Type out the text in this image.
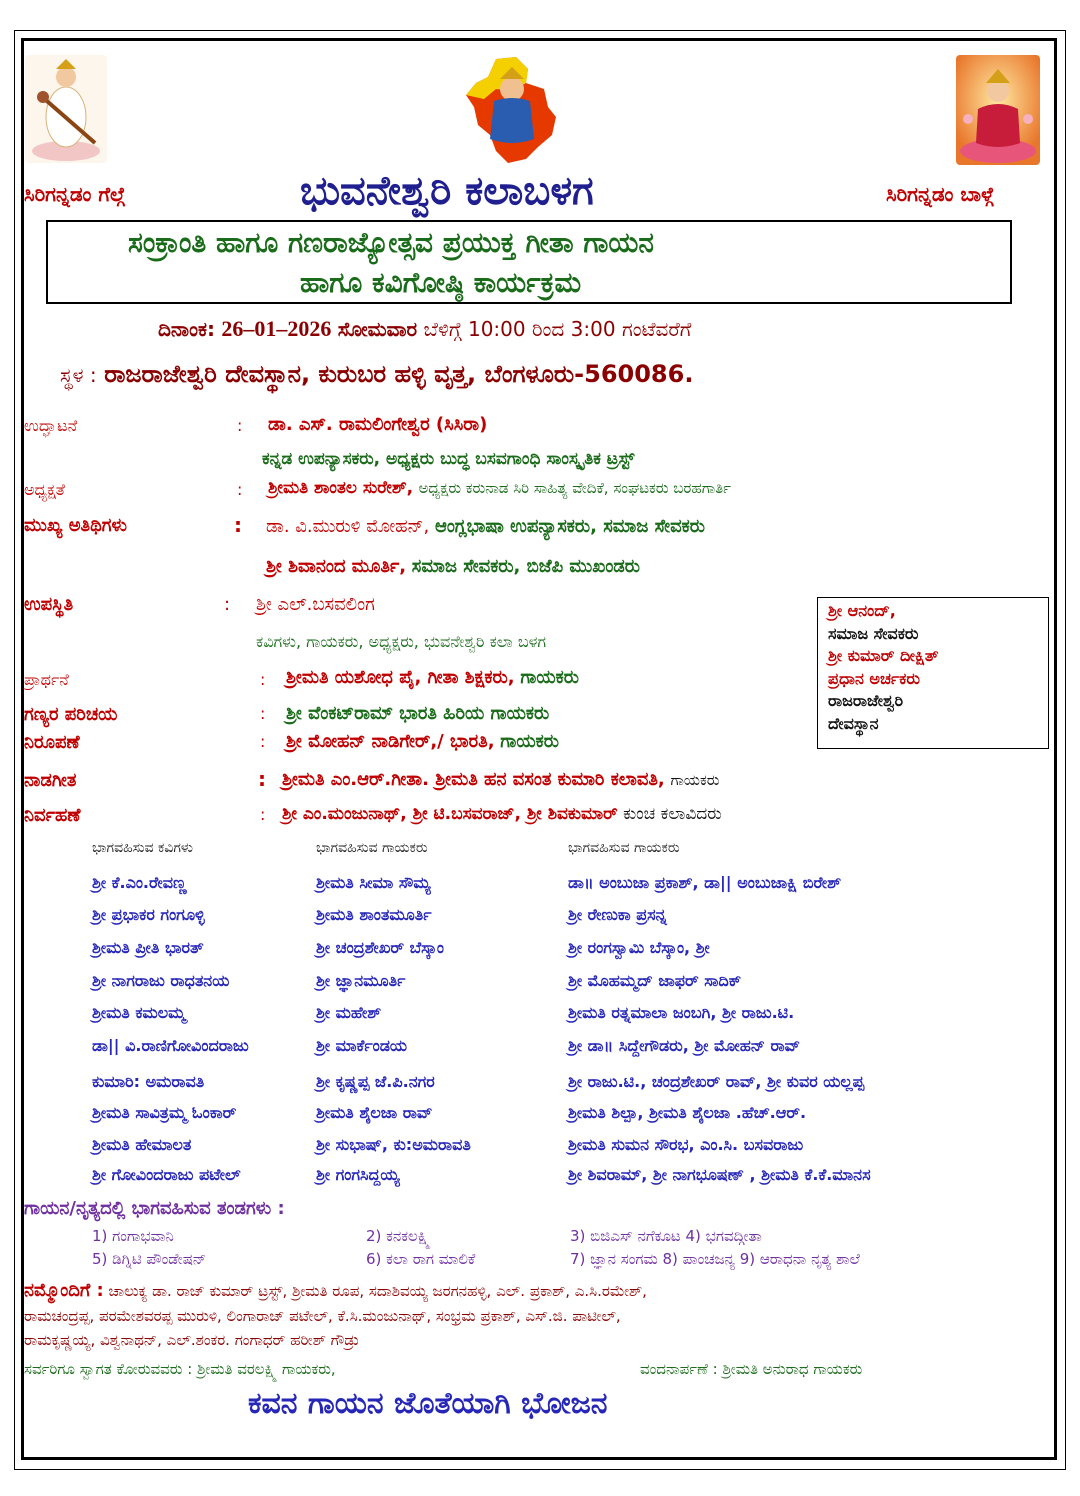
ಸಿರಿಗನ್ನಡಂ ಗೆಲ್ಗೆ	ಭುವನೇಶ್ವರಿ ಕಲಾಬಳಗ	ಸಿರಿಗನ್ನಡಂ ಬಾಳ್ಗೆ
ಸಂಕ್ರಾಂತಿ ಹಾಗೂ ಗಣರಾಜ್ಯೋತ್ಸವ ಪ್ರಯುಕ್ತ ಗೀತಾ ಗಾಯನ
ಹಾಗೂ ಕವಿಗೋಷ್ಠಿ ಕಾರ್ಯಕ್ರಮ
ದಿನಾಂಕ: 26–01–2026 ಸೋಮವಾರ ಬೆಳಿಗ್ಗೆ 10:00 ರಿಂದ 3:00 ಗಂಟೆವರೆಗೆ
ಸ್ಥಳ : ರಾಜರಾಜೇಶ್ವರಿ ದೇವಸ್ಥಾನ, ಕುರುಬರ ಹಳ್ಳಿ ವೃತ್ತ, ಬೆಂಗಳೂರು-560086.
ಉದ್ಘಾಟನೆ	: ಡಾ. ಎಸ್. ರಾಮಲಿಂಗೇಶ್ವರ (ಸಿಸಿರಾ)
ಕನ್ನಡ ಉಪನ್ಯಾಸಕರು, ಅಧ್ಯಕ್ಷರು ಬುದ್ಧ ಬಸವಗಾಂಧಿ ಸಾಂಸ್ಕೃತಿಕ ಟ್ರಸ್ಟ್
ಅಧ್ಯಕ್ಷತೆ	: ಶ್ರೀಮತಿ ಶಾಂತಲ ಸುರೇಶ್, ಅಧ್ಯಕ್ಷರು ಕರುನಾಡ ಸಿರಿ ಸಾಹಿತ್ಯ ವೇದಿಕೆ, ಸಂಘಟಕರು ಬರಹಗಾರ್ತಿ
ಮುಖ್ಯ ಅತಿಥಿಗಳು	: ಡಾ. ವಿ.ಮುರುಳಿ ಮೋಹನ್, ಆಂಗ್ಲಭಾಷಾ ಉಪನ್ಯಾಸಕರು, ಸಮಾಜ ಸೇವಕರು
ಶ್ರೀ ಶಿವಾನಂದ ಮೂರ್ತಿ, ಸಮಾಜ ಸೇವಕರು, ಬಿಜೆಪಿ ಮುಖಂಡರು
ಉಪಸ್ಥಿತಿ	: ಶ್ರೀ ಎಲ್.ಬಸವಲಿಂಗ
ಕವಿಗಳು, ಗಾಯಕರು, ಅಧ್ಯಕ್ಷರು, ಭುವನೇಶ್ವರಿ ಕಲಾ ಬಳಗ
ಶ್ರೀ ಆನಂದ್,
ಸಮಾಜ ಸೇವಕರು
ಶ್ರೀ ಕುಮಾರ್ ದೀಕ್ಷಿತ್
ಪ್ರಧಾನ ಅರ್ಚಕರು
ರಾಜರಾಜೇಶ್ವರಿ
ದೇವಸ್ಥಾನ
ಪ್ರಾರ್ಥನೆ	: ಶ್ರೀಮತಿ ಯಶೋಧ ಪೈ, ಗೀತಾ ಶಿಕ್ಷಕರು, ಗಾಯಕರು
ಗಣ್ಯರ ಪರಿಚಯ	: ಶ್ರೀ ವೆಂಕಟ್‌ರಾಮ್ ಭಾರತಿ ಹಿರಿಯ ಗಾಯಕರು
ನಿರೂಪಣೆ	: ಶ್ರೀ ಮೋಹನ್ ನಾಡಿಗೇರ್,/ ಭಾರತಿ, ಗಾಯಕರು
ನಾಡಗೀತ	: ಶ್ರೀಮತಿ ಎಂ.ಆರ್.ಗೀತಾ. ಶ್ರೀಮತಿ ಹನ ವಸಂತ ಕುಮಾರಿ ಕಲಾವತಿ, ಗಾಯಕರು
ನಿರ್ವಹಣೆ	: ಶ್ರೀ ಎಂ.ಮಂಜುನಾಥ್, ಶ್ರೀ ಟಿ.ಬಸವರಾಜ್, ಶ್ರೀ ಶಿವಕುಮಾರ್ ಕುಂಚ ಕಲಾವಿದರು
ಭಾಗವಹಿಸುವ ಕವಿಗಳು	ಭಾಗವಹಿಸುವ ಗಾಯಕರು	ಭಾಗವಹಿಸುವ ಗಾಯಕರು
ಶ್ರೀ ಕೆ.ಎಂ.ರೇವಣ್ಣ	ಶ್ರೀಮತಿ ಸೀಮಾ ಸೌಮ್ಯ	ಡಾ॥ ಅಂಬುಜಾ ಪ್ರಕಾಶ್, ಡಾ|| ಅಂಬುಜಾಕ್ಷಿ ಬಿರೇಶ್
ಶ್ರೀ ಪ್ರಭಾಕರ ಗಂಗೂಳ್ಳಿ	ಶ್ರೀಮತಿ ಶಾಂತಮೂರ್ತಿ	ಶ್ರೀ ರೇಣುಕಾ ಪ್ರಸನ್ನ
ಶ್ರೀಮತಿ ಪ್ರೀತಿ ಭಾರತ್	ಶ್ರೀ ಚಂದ್ರಶೇಖರ್ ಬೆಸ್ಕಾಂ	ಶ್ರೀ ರಂಗಸ್ವಾಮಿ ಬೆಸ್ಕಾಂ, ಶ್ರೀ
ಶ್ರೀ ನಾಗರಾಜು ರಾಧತನಯ	ಶ್ರೀ ಜ್ಞಾನಮೂರ್ತಿ	ಶ್ರೀ ಮೊಹಮ್ಮದ್ ಜಾಫರ್ ಸಾದಿಕ್
ಶ್ರೀಮತಿ ಕಮಲಮ್ಮ	ಶ್ರೀ ಮಹೇಶ್	ಶ್ರೀಮತಿ ರತ್ನಮಾಲಾ ಜಂಬಗಿ, ಶ್ರೀ ರಾಜು.ಟಿ.
ಡಾ|| ವಿ.ರಾಣಿಗೋವಿಂದರಾಜು	ಶ್ರೀ ಮಾರ್ಕೆಂಡಯ	ಶ್ರೀ ಡಾ॥ ಸಿದ್ದೇಗೌಡರು, ಶ್ರೀ ಮೋಹನ್ ರಾವ್
ಕುಮಾರಿ: ಅಮರಾವತಿ	ಶ್ರೀ ಕೃಷ್ಣಪ್ಪ ಜೆ.ಪಿ.ನಗರ	ಶ್ರೀ ರಾಜು.ಟಿ., ಚಂದ್ರಶೇಖರ್ ರಾವ್, ಶ್ರೀ ಕುವರ ಯಲ್ಲಪ್ಪ
ಶ್ರೀಮತಿ ಸಾವಿತ್ರಮ್ಮ ಓಂಕಾರ್	ಶ್ರೀಮತಿ ಶೈಲಜಾ ರಾವ್	ಶ್ರೀಮತಿ ಶಿಲ್ಪಾ, ಶ್ರೀಮತಿ ಶೈಲಜಾ .ಹೆಚ್.ಆರ್.
ಶ್ರೀಮತಿ ಹೇಮಾಲತ	ಶ್ರೀ ಸುಭಾಷ್, ಕು:ಅಮರಾವತಿ	ಶ್ರೀಮತಿ ಸುಮನ ಸೌರಭ, ಎಂ.ಸಿ. ಬಸವರಾಜು
ಶ್ರೀ ಗೋವಿಂದರಾಜು ಪಟೇಲ್	ಶ್ರೀ ಗಂಗಸಿದ್ದಯ್ಯ	ಶ್ರೀ ಶಿವರಾಮ್, ಶ್ರೀ ನಾಗಭೂಷಣ್ , ಶ್ರೀಮತಿ ಕೆ.ಕೆ.ಮಾನಸ
ಗಾಯನ/ನೃತ್ಯದಲ್ಲಿ ಭಾಗವಹಿಸುವ ತಂಡಗಳು :
1) ಗಂಗಾಭವಾನಿ	2) ಕನಕಲಕ್ಷ್ಮಿ	3) ಬಿಜಿಎಸ್ ನಗೆಕೂಟ 4) ಭಗವದ್ಗೀತಾ
5) ಡಿಗ್ನಿಟಿ ಪೌಂಡೇಷನ್	6) ಕಲಾ ರಾಗ ಮಾಲಿಕೆ	7) ಜ್ಞಾನ ಸಂಗಮ 8) ಪಾಂಚಜನ್ಯ 9) ಆರಾಧನಾ ನೃತ್ಯ ಶಾಲೆ
ನಮ್ಮೊಂದಿಗೆ : ಚಾಲುಕ್ಯ ಡಾ. ರಾಜ್ ಕುಮಾರ್ ಟ್ರಸ್ಟ್, ಶ್ರೀಮತಿ ರೂಪ, ಸದಾಶಿವಯ್ಯ ಜರಗನಹಳ್ಳಿ, ಎಲ್. ಪ್ರಕಾಶ್, ಎ.ಸಿ.ರಮೇಶ್,
ರಾಮಚಂದ್ರಪ್ಪ, ಪರಮೇಶವರಪ್ಪ ಮುರುಳಿ, ಲಿಂಗಾರಾಜ್ ಪಟೇಲ್, ಕೆ.ಸಿ.ಮಂಜುನಾಥ್, ಸಂಭ್ರಮ ಪ್ರಕಾಶ್, ಎಸ್.ಜಿ. ಪಾಟೀಲ್,
ರಾಮಕೃಷ್ಣಯ್ಯ, ವಿಶ್ವನಾಥನ್, ಎಲ್.ಶಂಕರ. ಗಂಗಾಧರ್ ಹರೀಶ್ ಗೌಡ್ರು
ಸರ್ವರಿಗೂ ಸ್ವಾಗತ ಕೋರುವವರು : ಶ್ರೀಮತಿ ವರಲಕ್ಷ್ಮಿ ಗಾಯಕರು,	ವಂದನಾರ್ಪಣೆ : ಶ್ರೀಮತಿ ಅನುರಾಧ ಗಾಯಕರು
ಕವನ ಗಾಯನ ಜೊತೆಯಾಗಿ ಭೋಜನ
